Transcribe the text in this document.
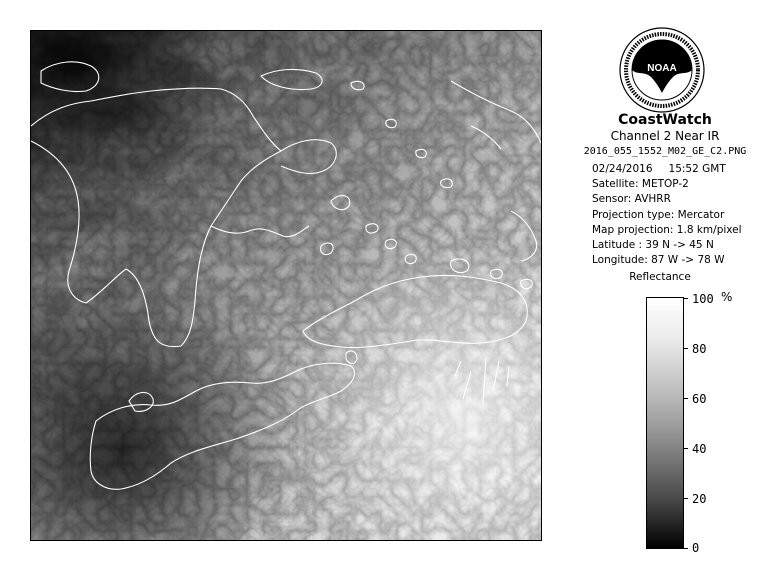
NOAA
CoastWatch
Channel 2 Near IR
2016_055_1552_M02_GE_C2.PNG
02/24/2016 15:52 GMT
Satellite: METOP-2
Sensor: AVHRR
Projection type: Mercator
Map projection: 1.8 km/pixel
Latitude : 39 N -> 45 N
Longitude: 87 W -> 78 W
Reflectance
%
100
80
60
40
20
0
